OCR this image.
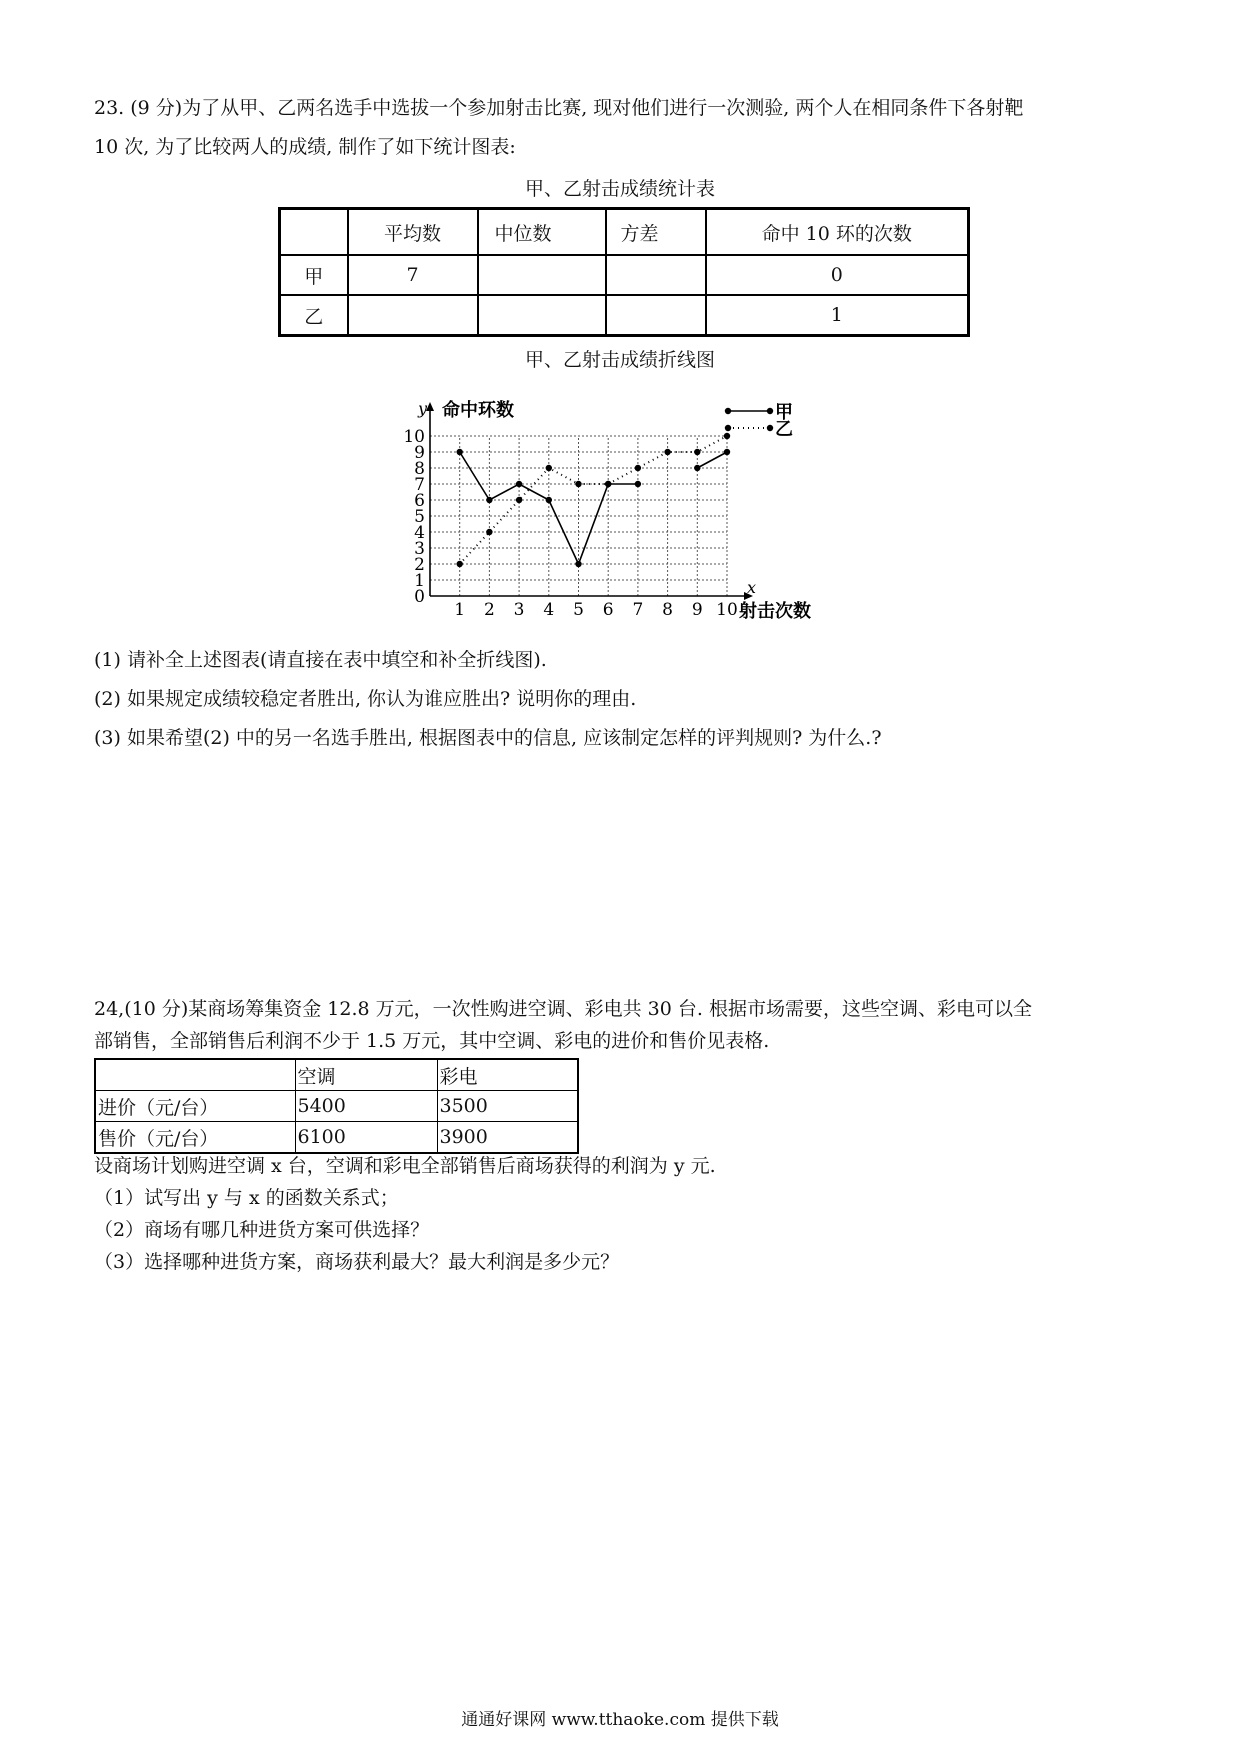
23. (9 分)为了从甲、乙两名选手中选拔一个参加射击比赛, 现对他们进行一次测验, 两个人在相同条件下各射靶

10 次, 为了比较两人的成绩, 制作了如下统计图表:

甲、乙射击成绩统计表
	平均数	中位数	方差	命中 10 环的次数
甲	7			0
乙				1
甲、乙射击成绩折线图
1 2 3 4 5 6 7 8 9 10
0
1
2
3
4
5
6
7
8
9
10
y 命中环数
x
射击次数
甲
乙

(1) 请补全上述图表(请直接在表中填空和补全折线图).

(2) 如果规定成绩较稳定者胜出, 你认为谁应胜出? 说明你的理由.

(3) 如果希望(2) 中的另一名选手胜出, 根据图表中的信息, 应该制定怎样的评判规则? 为什么.?

24,(10 分)某商场筹集资金 12.8 万元，一次性购进空调、彩电共 30 台. 根据市场需要，这些空调、彩电可以全

部销售，全部销售后利润不少于 1.5 万元，其中空调、彩电的进价和售价见表格.

	空调	彩电
进价（元/台）	5400	3500
售价（元/台）	6100	3900

设商场计划购进空调 x 台，空调和彩电全部销售后商场获得的利润为 y 元.

（1）试写出 y 与 x 的函数关系式；

（2）商场有哪几种进货方案可供选择？

（3）选择哪种进货方案，商场获利最大？最大利润是多少元？

通通好课网 www.tthaoke.com 提供下载
